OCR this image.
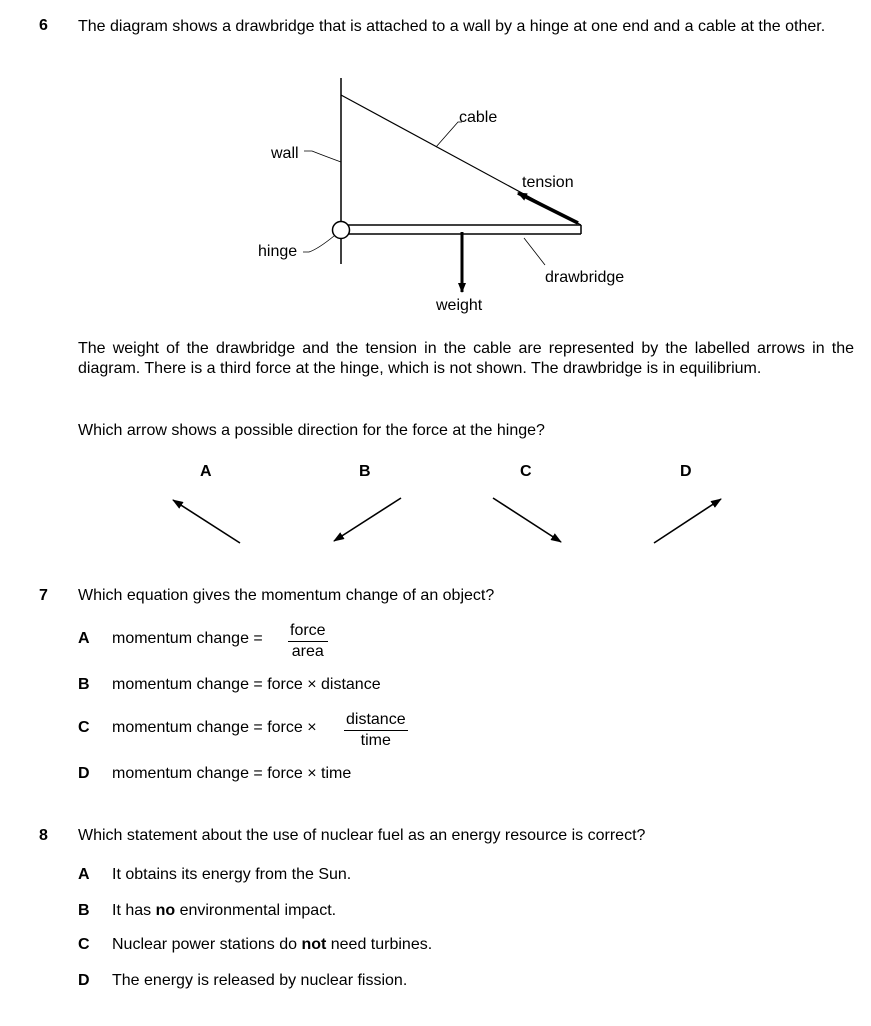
6 The diagram shows a drawbridge that is attached to a wall by a hinge at one end and a cable at the other.
cable
wall
tension
hinge
drawbridge
weight
The weight of the drawbridge and the tension in the cable are represented by the labelled arrows in the diagram. There is a third force at the hinge, which is not shown. The drawbridge is in equilibrium.
Which arrow shows a possible direction for the force at the hinge?
A	B	C	D
7 Which equation gives the momentum change of an object?
A momentum change = force
area
B momentum change = force × distance
C momentum change = force × distance
time
D momentum change = force × time
8 Which statement about the use of nuclear fuel as an energy resource is correct?
A It obtains its energy from the Sun.
B It has no environmental impact.
C Nuclear power stations do not need turbines.
D The energy is released by nuclear fission.
